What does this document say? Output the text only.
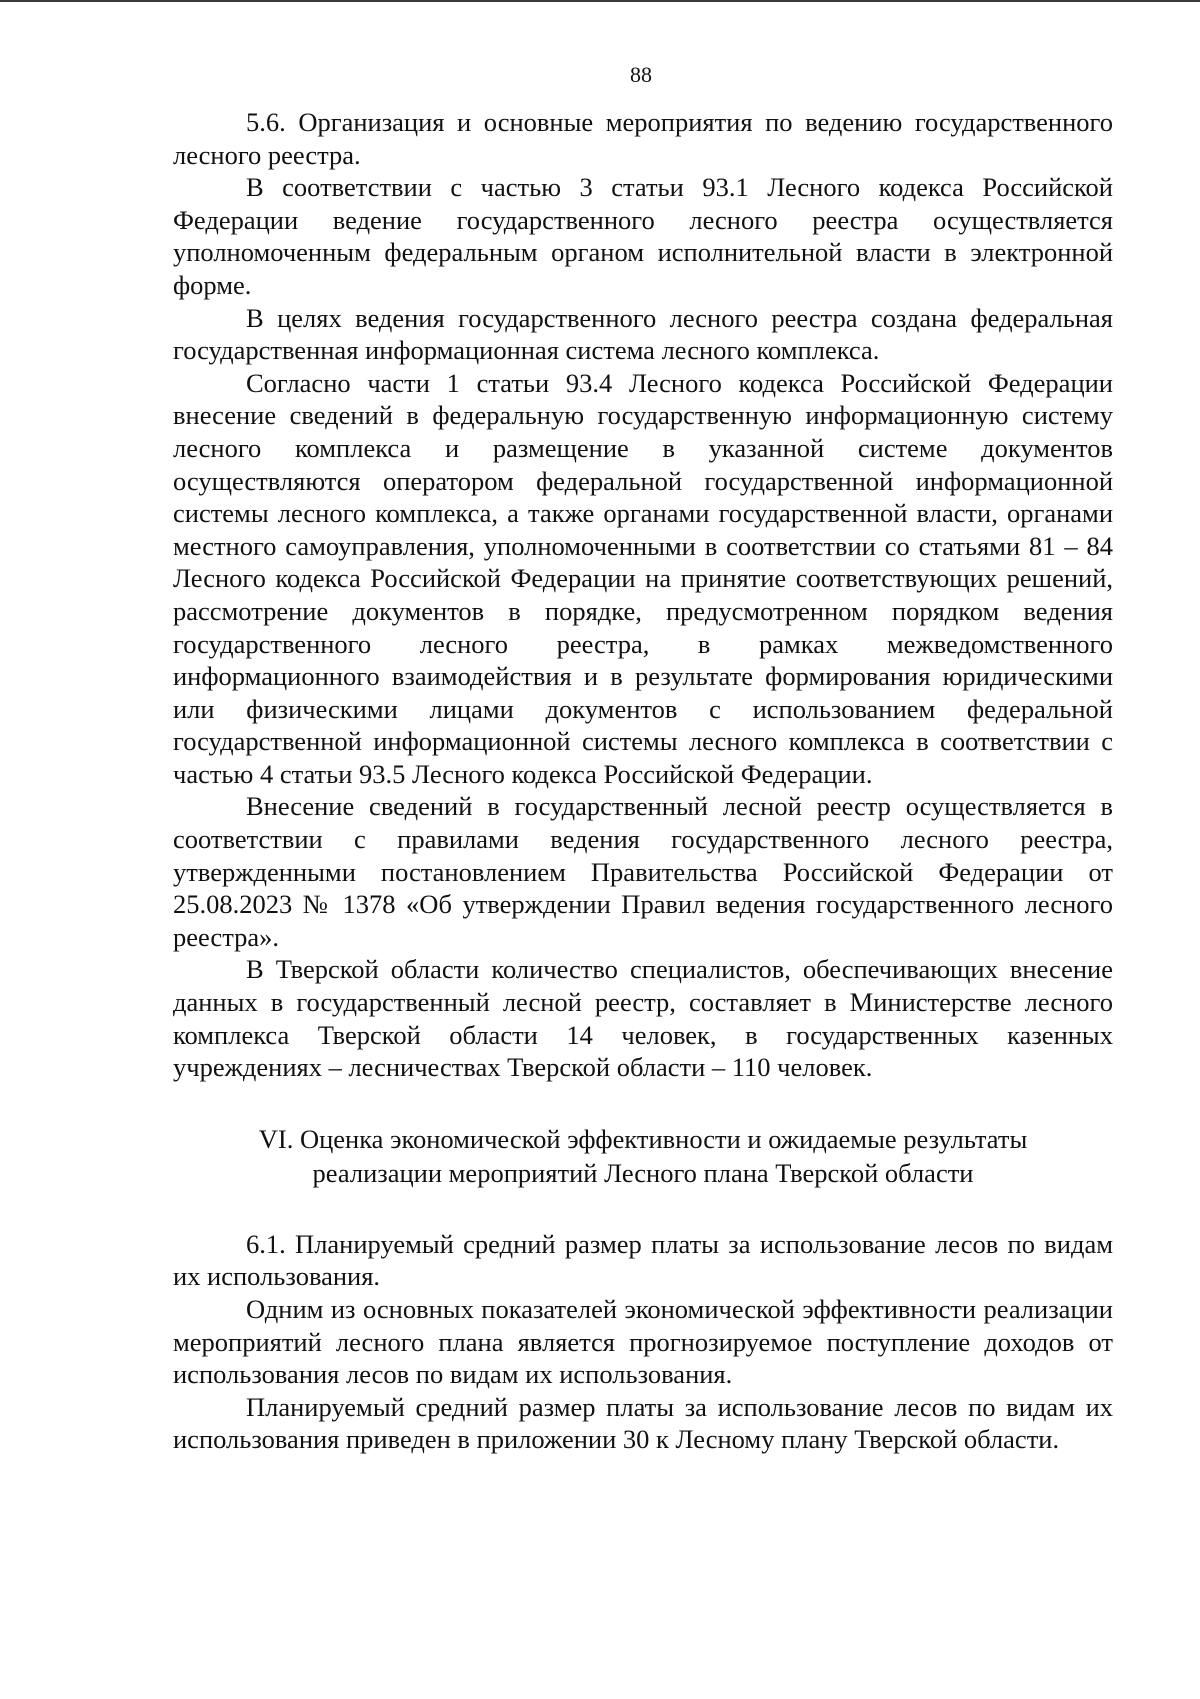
88

5.6. Организация и основные мероприятия по ведению государственного лесного реестра.

В соответствии с частью 3 статьи 93.1 Лесного кодекса Российской Федерации ведение государственного лесного реестра осуществляется уполномоченным федеральным органом исполнительной власти в электронной форме.

В целях ведения государственного лесного реестра создана федеральная государственная информационная система лесного комплекса.

Согласно части 1 статьи 93.4 Лесного кодекса Российской Федерации внесение сведений в федеральную государственную информационную систему лесного комплекса и размещение в указанной системе документов осуществляются оператором федеральной государственной информационной системы лесного комплекса, а также органами государственной власти, органами местного самоуправления, уполномоченными в соответствии со статьями 81 – 84 Лесного кодекса Российской Федерации на принятие соответствующих решений, рассмотрение документов в порядке, предусмотренном порядком ведения государственного лесного реестра, в рамках межведомственного информационного взаимодействия и в результате формирования юридическими или физическими лицами документов с использованием федеральной государственной информационной системы лесного комплекса в соответствии с частью 4 статьи 93.5 Лесного кодекса Российской Федерации.

Внесение сведений в государственный лесной реестр осуществляется в соответствии с правилами ведения государственного лесного реестра, утвержденными постановлением Правительства Российской Федерации от 25.08.2023 № 1378 «Об утверждении Правил ведения государственного лесного реестра».

В Тверской области количество специалистов, обеспечивающих внесение данных в государственный лесной реестр, составляет в Министерстве лесного комплекса Тверской области 14 человек, в государственных казенных учреждениях – лесничествах Тверской области – 110 человек.

VI. Оценка экономической эффективности и ожидаемые результаты
реализации мероприятий Лесного плана Тверской области

6.1. Планируемый средний размер платы за использование лесов по видам их использования.

Одним из основных показателей экономической эффективности реализации мероприятий лесного плана является прогнозируемое поступление доходов от использования лесов по видам их использования.

Планируемый средний размер платы за использование лесов по видам их использования приведен в приложении 30 к Лесному плану Тверской области.
